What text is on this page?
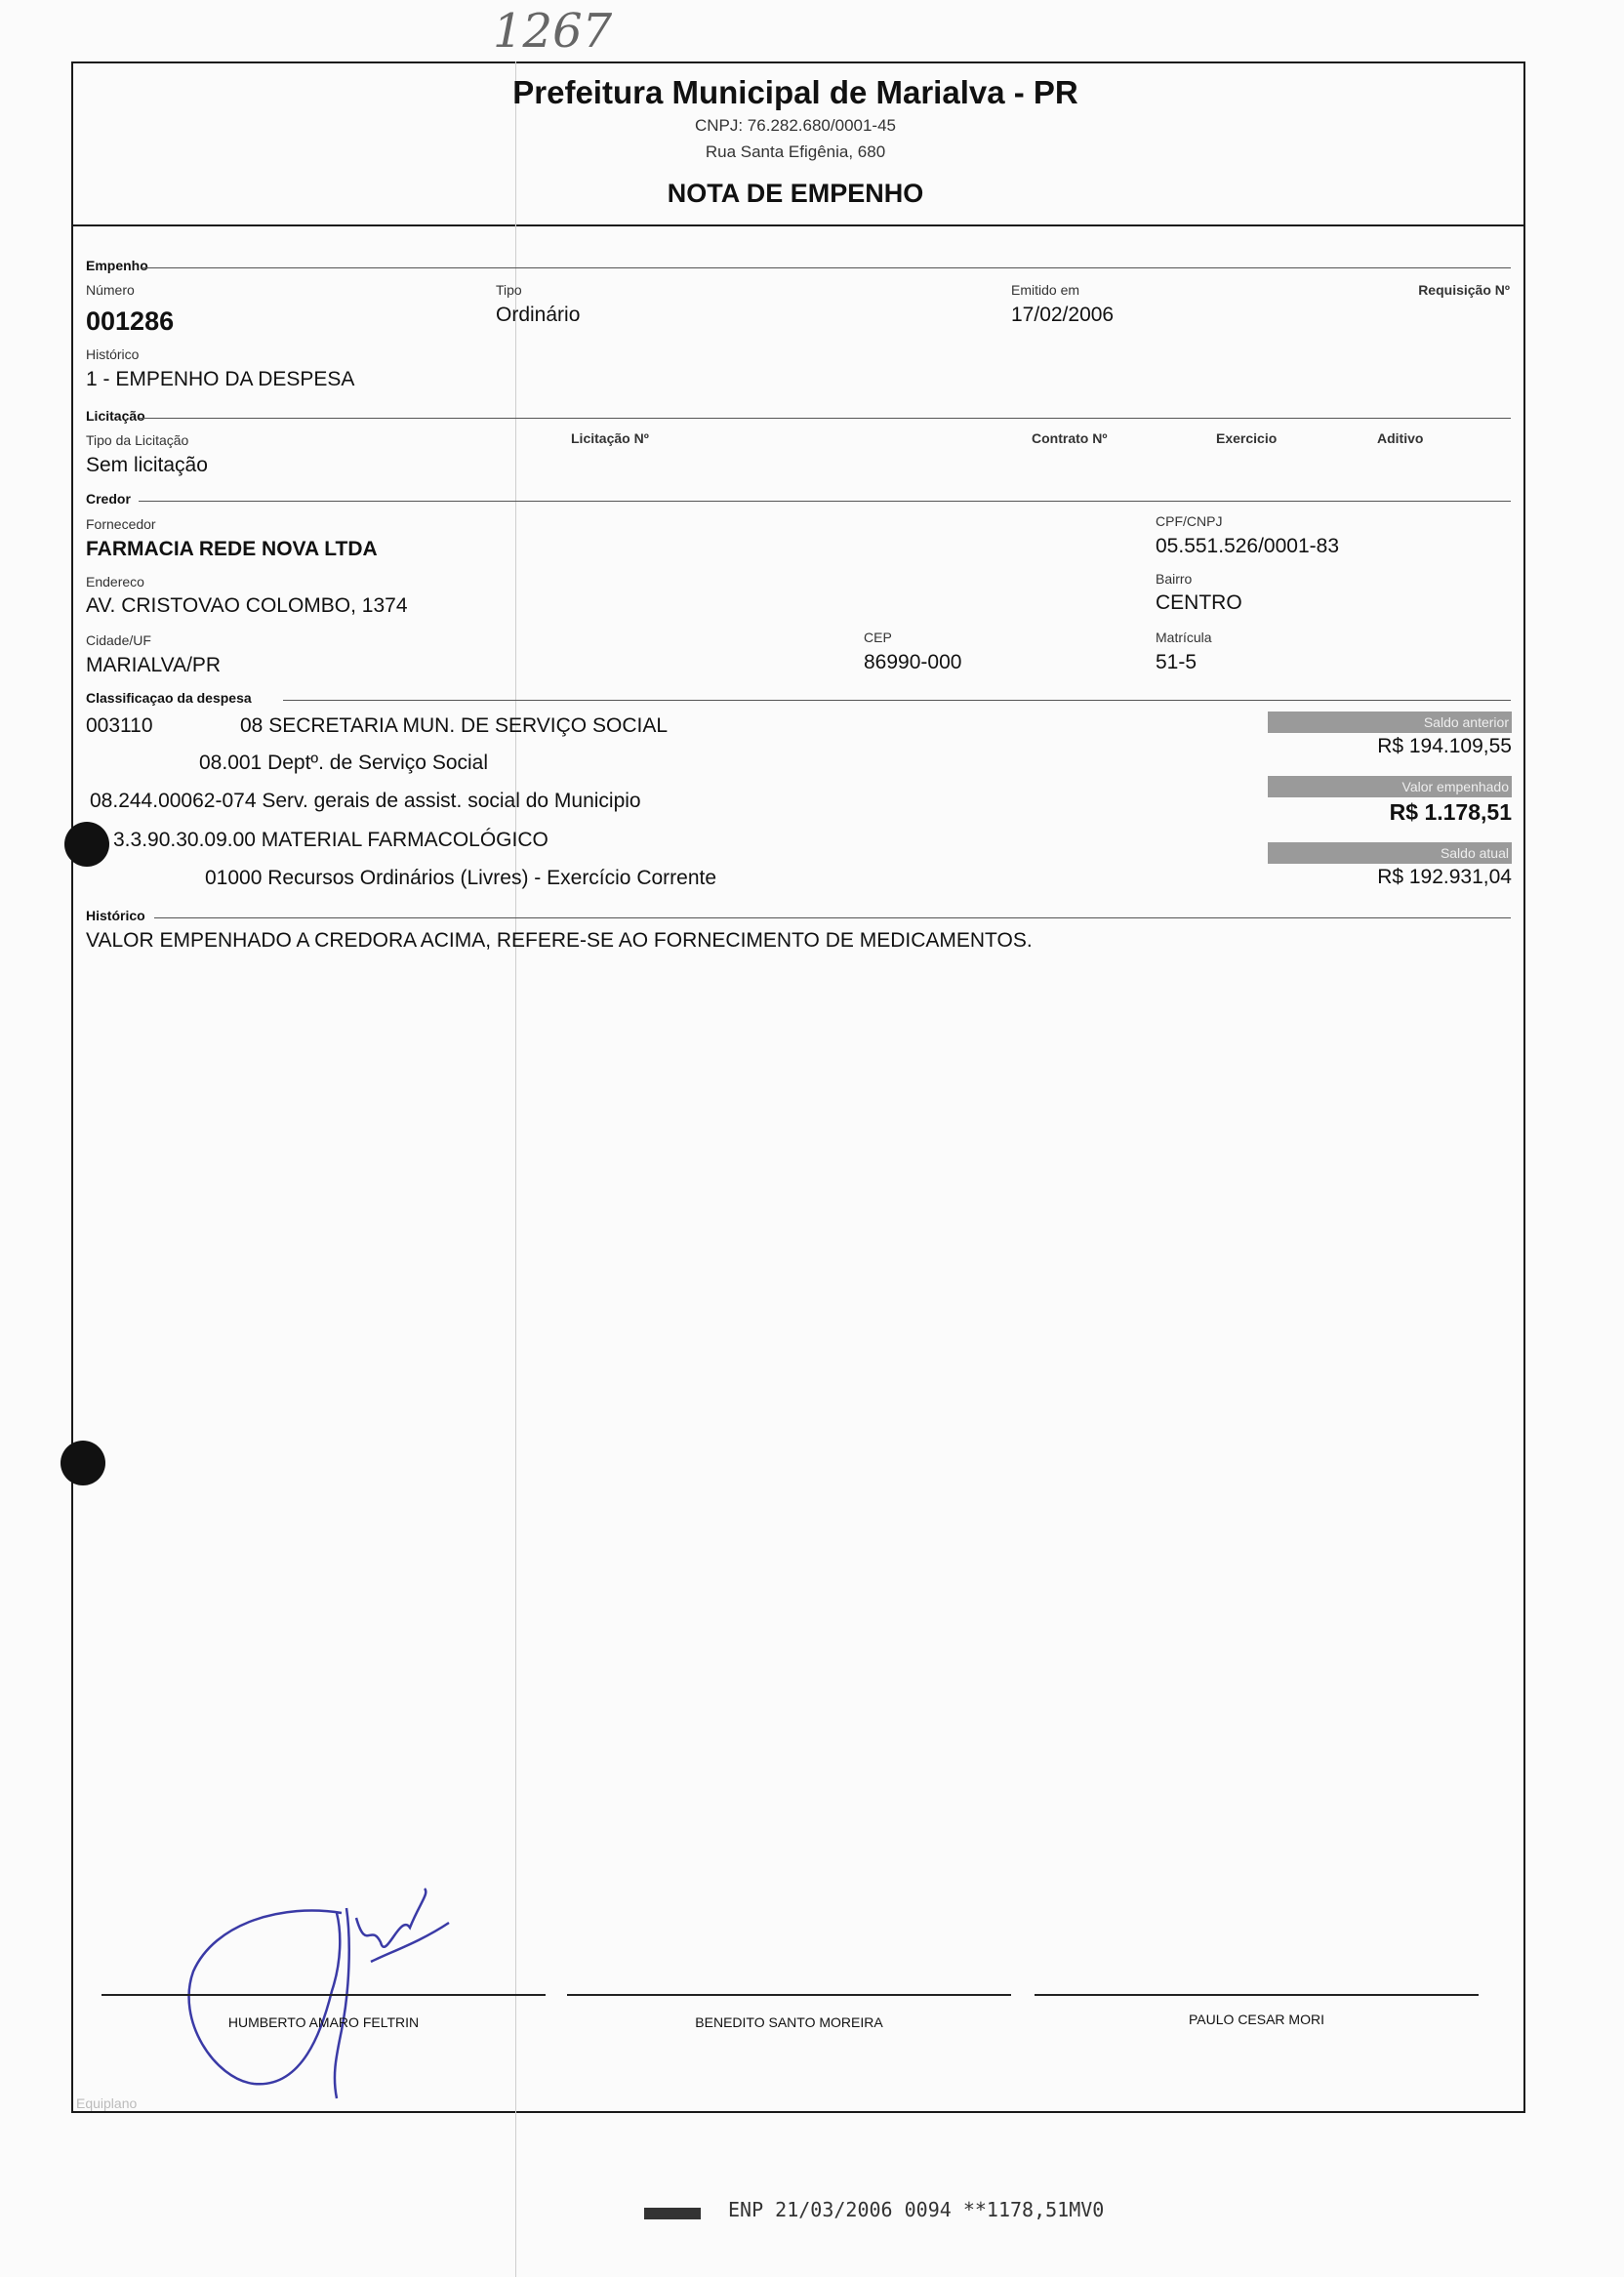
1267
Prefeitura Municipal de Marialva - PR
CNPJ: 76.282.680/0001-45
Rua Santa Efigênia, 680
NOTA DE EMPENHO
Empenho
Número
001286
Tipo
Ordinário
Emitido em
17/02/2006
Requisição Nº
Histórico
1 - EMPENHO DA DESPESA
Licitação
Tipo da Licitação
Sem licitação
Licitação Nº	Contrato Nº	Exercicio	Aditivo
Credor
Fornecedor
FARMACIA REDE NOVA LTDA
CPF/CNPJ
05.551.526/0001-83
Endereco
AV. CRISTOVAO COLOMBO, 1374
Bairro
CENTRO
Cidade/UF
MARIALVA/PR
CEP
86990-000
Matrícula
51-5
Classificaçao da despesa
003110	08 SECRETARIA MUN. DE SERVIÇO SOCIAL
08.001 Deptº. de Serviço Social
08.244.00062-074 Serv. gerais de assist. social do Municipio
3.3.90.30.09.00 MATERIAL FARMACOLÓGICO
01000 Recursos Ordinários (Livres) - Exercício Corrente
Saldo anterior
R$ 194.109,55
Valor empenhado
R$ 1.178,51
Saldo atual
R$ 192.931,04
Histórico
VALOR EMPENHADO A CREDORA ACIMA, REFERE-SE AO FORNECIMENTO DE MEDICAMENTOS.
HUMBERTO AMARO FELTRIN	BENEDITO SANTO MOREIRA	PAULO CESAR MORI
Equiplano
ENP 21/03/2006 0094 **1178,51MV0
